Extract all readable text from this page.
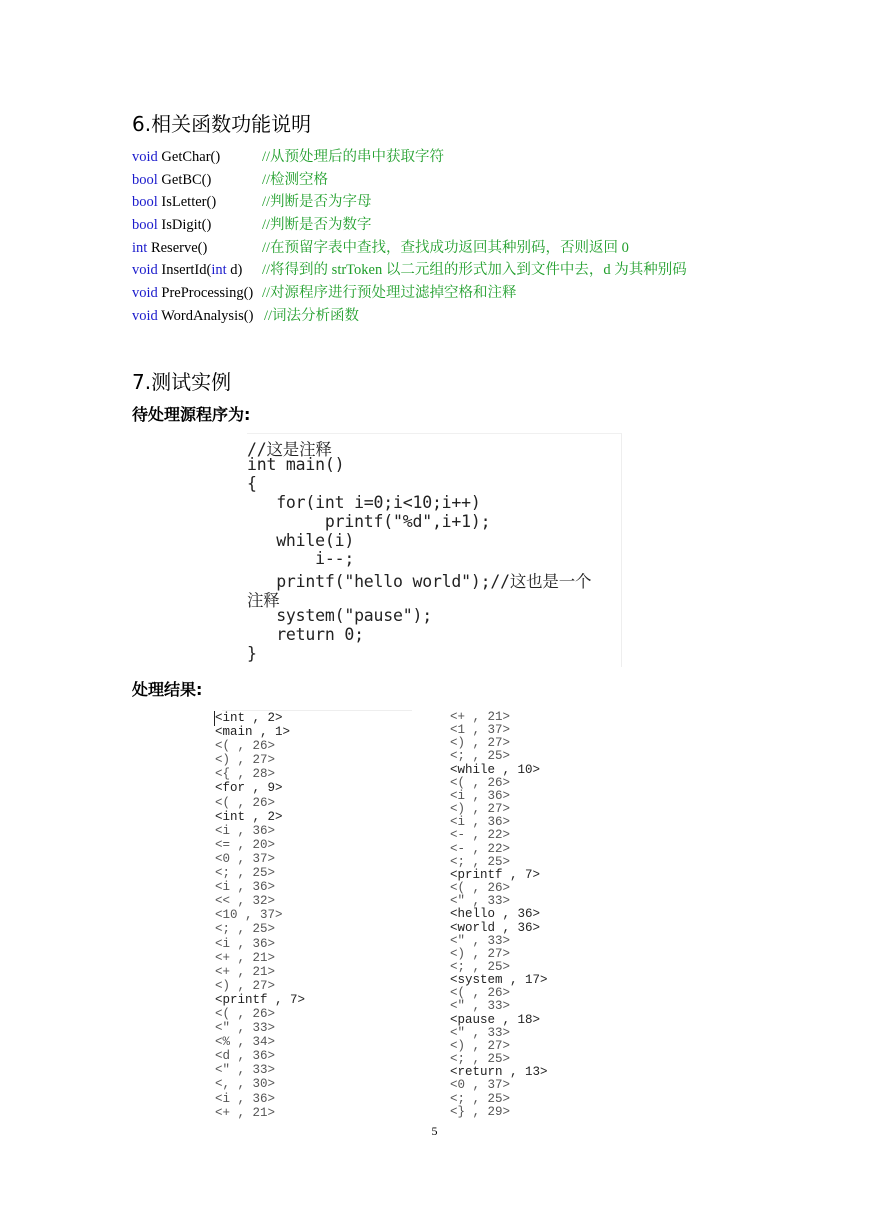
6.相关函数功能说明
void GetChar()	//从预处理后的串中获取字符
bool GetBC()	//检测空格
bool IsLetter()	//判断是否为字母
bool IsDigit()	//判断是否为数字
int Reserve()	//在预留字表中查找，查找成功返回其种别码，否则返回 0
void InsertId(int d) //将得到的 strToken 以二元组的形式加入到文件中去，d 为其种别码
void PreProcessing() //对源程序进行预处理过滤掉空格和注释
void WordAnalysis() //词法分析函数
7.测试实例
待处理源程序为:
//这是注释
int main()
{
for(int i=0;i<10;i++)
printf("%d",i+1);
while(i)
i--;
printf("hello world");//这也是一个
注释
system("pause");
return 0;
}
处理结果:
<int , 2>
<main , 1>
<( , 26>
<) , 27>
<{ , 28>
<for , 9>
<( , 26>
<int , 2>
<i , 36>
<= , 20>
<0 , 37>
<; , 25>
<i , 36>
<< , 32>
<10 , 37>
<; , 25>
<i , 36>
<+ , 21>
<+ , 21>
<) , 27>
<printf , 7>
<( , 26>
<" , 33>
<% , 34>
<d , 36>
<" , 33>
<, , 30>
<i , 36>
<+ , 21>
<+ , 21>
<1 , 37>
<) , 27>
<; , 25>
<while , 10>
<( , 26>
<i , 36>
<) , 27>
<i , 36>
<- , 22>
<- , 22>
<; , 25>
<printf , 7>
<( , 26>
<" , 33>
<hello , 36>
<world , 36>
<" , 33>
<) , 27>
<; , 25>
<system , 17>
<( , 26>
<" , 33>
<pause , 18>
<" , 33>
<) , 27>
<; , 25>
<return , 13>
<0 , 37>
<; , 25>
<} , 29>
5
